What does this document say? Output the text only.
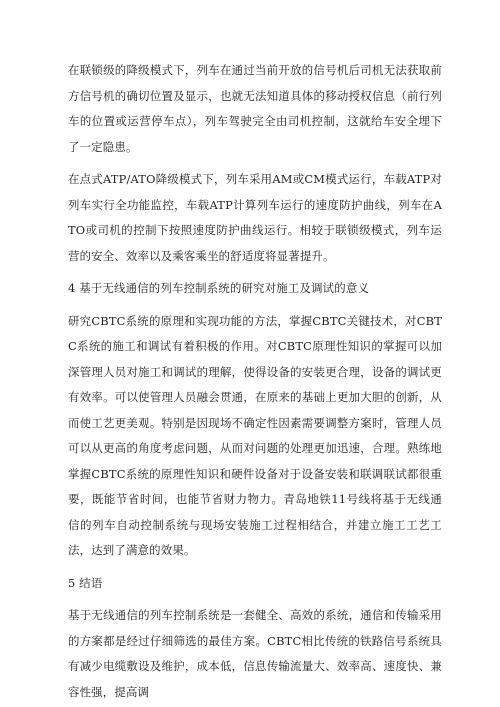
在联锁级的降级模式下，列车在通过当前开放的信号机后司机无法获取前方信号机的确切位置及显示，也就无法知道具体的移动授权信息（前行列车的位置或运营停车点），列车驾驶完全由司机控制，这就给车安全埋下了一定隐患。

在点式ATP/ATO降级模式下，列车采用AM或CM模式运行，车载ATP对列车实行全功能监控，车载ATP计算列车运行的速度防护曲线，列车在ATO或司机的控制下按照速度防护曲线运行。相较于联锁级模式，列车运营的安全、效率以及乘客乘坐的舒适度将显著提升。

4 基于无线通信的列车控制系统的研究对施工及调试的意义

研究CBTC系统的原理和实现功能的方法，掌握CBTC关键技术，对CBTC系统的施工和调试有着积极的作用。对CBTC原理性知识的掌握可以加深管理人员对施工和调试的理解，使得设备的安装更合理，设备的调试更有效率。可以使管理人员融会贯通，在原来的基础上更加大胆的创新，从而使工艺更美观。特别是因现场不确定性因素需要调整方案时，管理人员可以从更高的角度考虑问题，从而对问题的处理更加迅速，合理。熟练地掌握CBTC系统的原理性知识和硬件设备对于设备安装和联调联试都很重要，既能节省时间，也能节省财力物力。青岛地铁11号线将基于无线通信的列车自动控制系统与现场安装施工过程相结合，并建立施工工艺工法，达到了满意的效果。

5 结语

基于无线通信的列车控制系统是一套健全、高效的系统，通信和传输采用的方案都是经过仔细筛选的最佳方案。CBTC相比传统的铁路信号系统具有减少电缆敷设及维护，成本低，信息传输流量大、效率高、速度快、兼容性强，提高调
